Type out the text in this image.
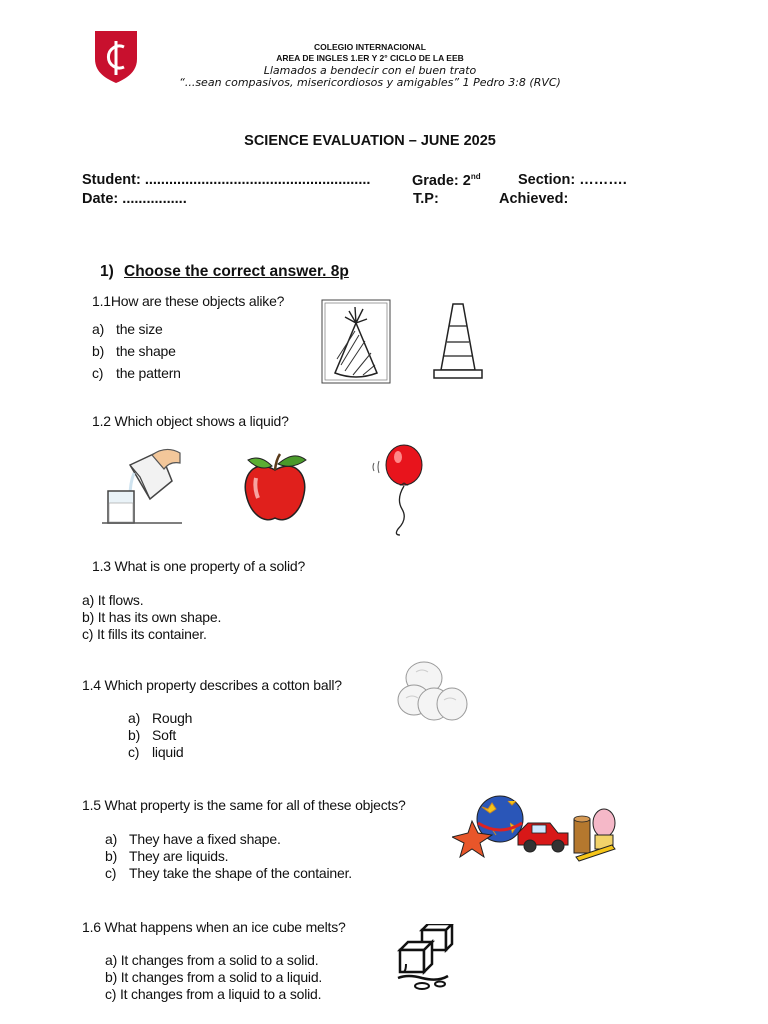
COLEGIO INTERNACIONAL
AREA DE INGLES 1.ER Y 2° CICLO DE LA EEB
Llamados a bendecir con el buen trato
“...sean compasivos, misericordiosos y amigables” 1 Pedro 3:8 (RVC)
SCIENCE EVALUATION – JUNE 2025
Student: ........................................................	Grade: 2nd	Section: ……….
Date: ................	T.P:	Achieved:
1) Choose the correct answer. 8p
1.1How are these objects alike?
a) the size
b) the shape
c) the pattern
1.2 Which object shows a liquid?
1.3 What is one property of a solid?
a) It flows.
b) It has its own shape.
c) It fills its container.
1.4 Which property describes a cotton ball?
a) Rough
b) Soft
c) liquid
1.5 What property is the same for all of these objects?
a) They have a fixed shape.
b) They are liquids.
c) They take the shape of the container.
1.6 What happens when an ice cube melts?
a) It changes from a solid to a solid.
b) It changes from a solid to a liquid.
c) It changes from a liquid to a solid.
